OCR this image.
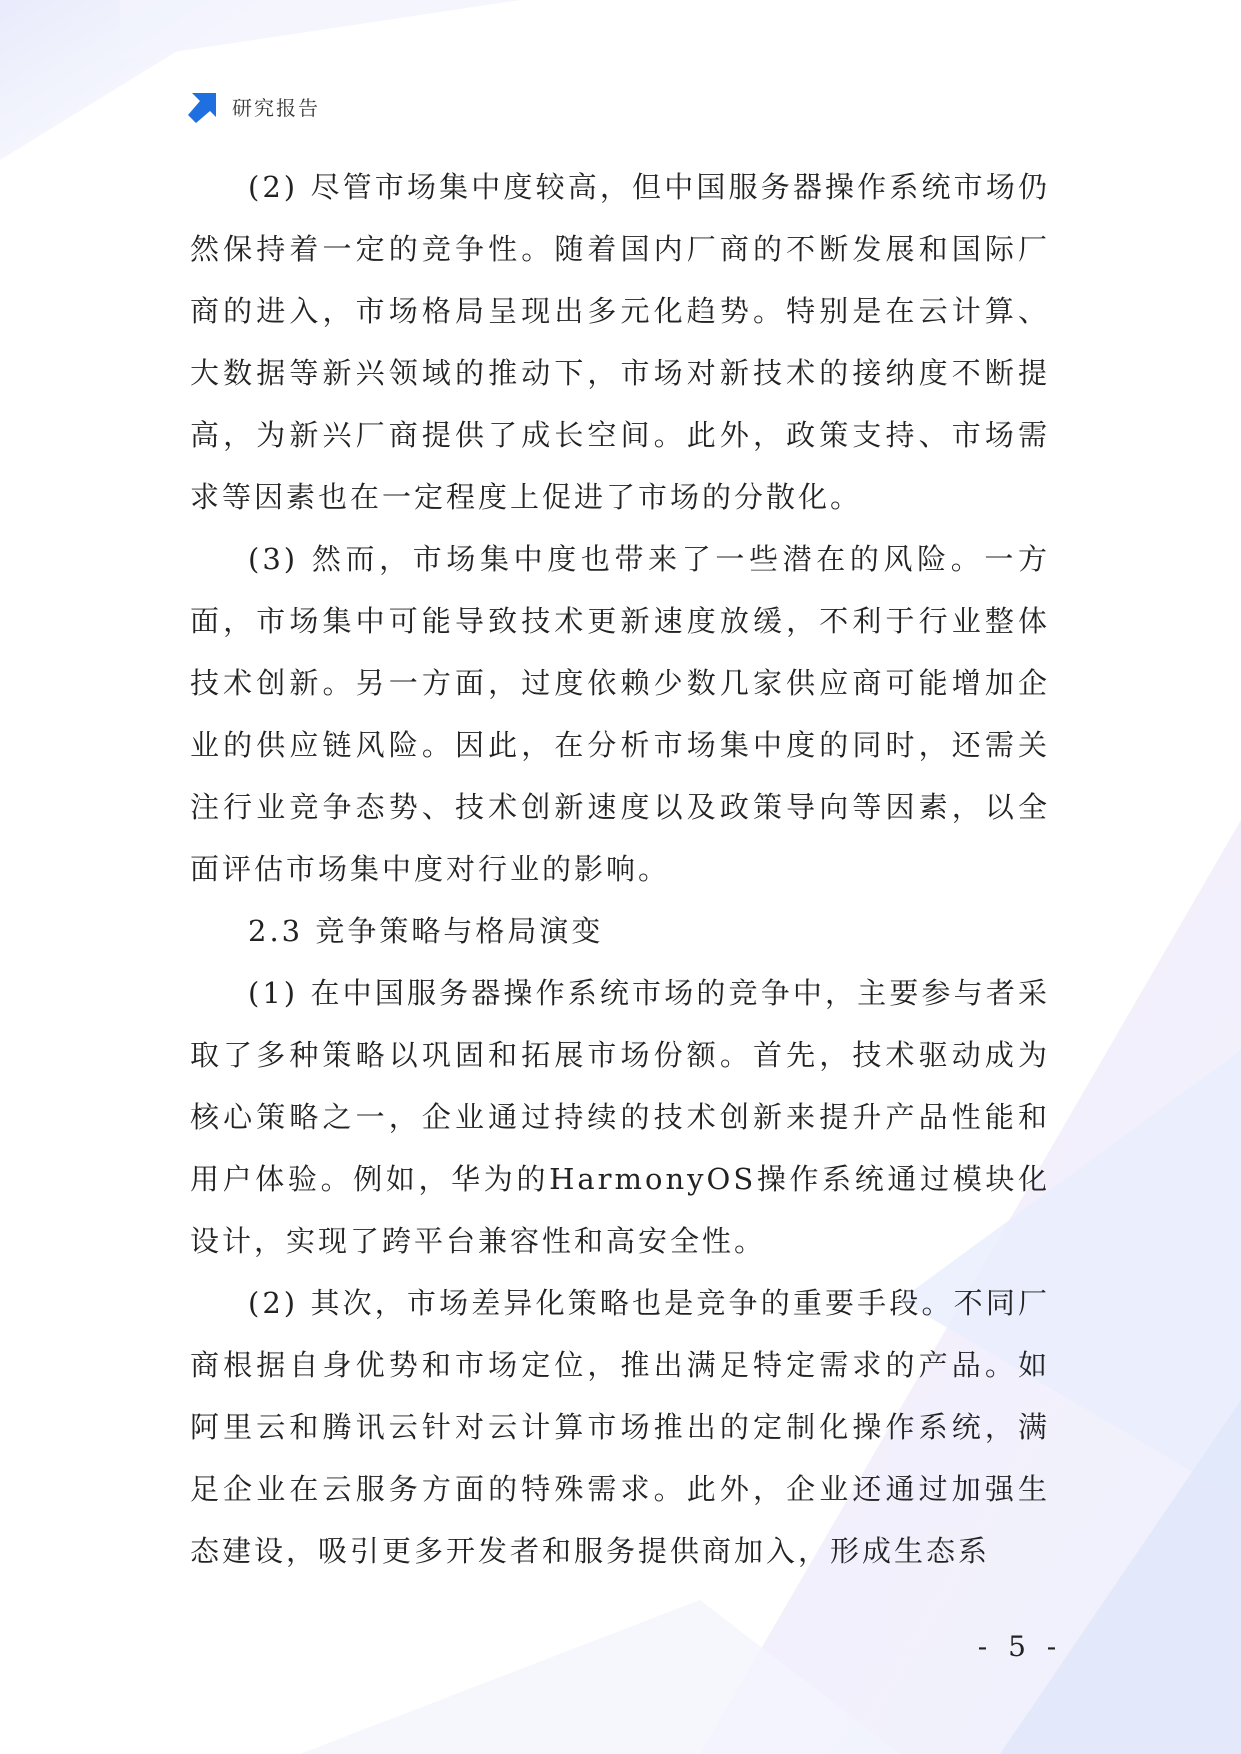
研究报告

(2) 尽管市场集中度较高，但中国服务器操作系统市场仍然保持着一定的竞争性。随着国内厂商的不断发展和国际厂商的进入，市场格局呈现出多元化趋势。特别是在云计算、大数据等新兴领域的推动下，市场对新技术的接纳度不断提高，为新兴厂商提供了成长空间。此外，政策支持、市场需求等因素也在一定程度上促进了市场的分散化。

(3) 然而，市场集中度也带来了一些潜在的风险。一方面，市场集中可能导致技术更新速度放缓，不利于行业整体技术创新。另一方面，过度依赖少数几家供应商可能增加企业的供应链风险。因此，在分析市场集中度的同时，还需关注行业竞争态势、技术创新速度以及政策导向等因素，以全面评估市场集中度对行业的影响。

2.3 竞争策略与格局演变

(1) 在中国服务器操作系统市场的竞争中，主要参与者采取了多种策略以巩固和拓展市场份额。首先，技术驱动成为核心策略之一，企业通过持续的技术创新来提升产品性能和用户体验。例如，华为的HarmonyOS操作系统通过模块化设计，实现了跨平台兼容性和高安全性。

(2) 其次，市场差异化策略也是竞争的重要手段。不同厂商根据自身优势和市场定位，推出满足特定需求的产品。如阿里云和腾讯云针对云计算市场推出的定制化操作系统，满足企业在云服务方面的特殊需求。此外，企业还通过加强生态建设，吸引更多开发者和服务提供商加入，形成生态系

- 5 -
